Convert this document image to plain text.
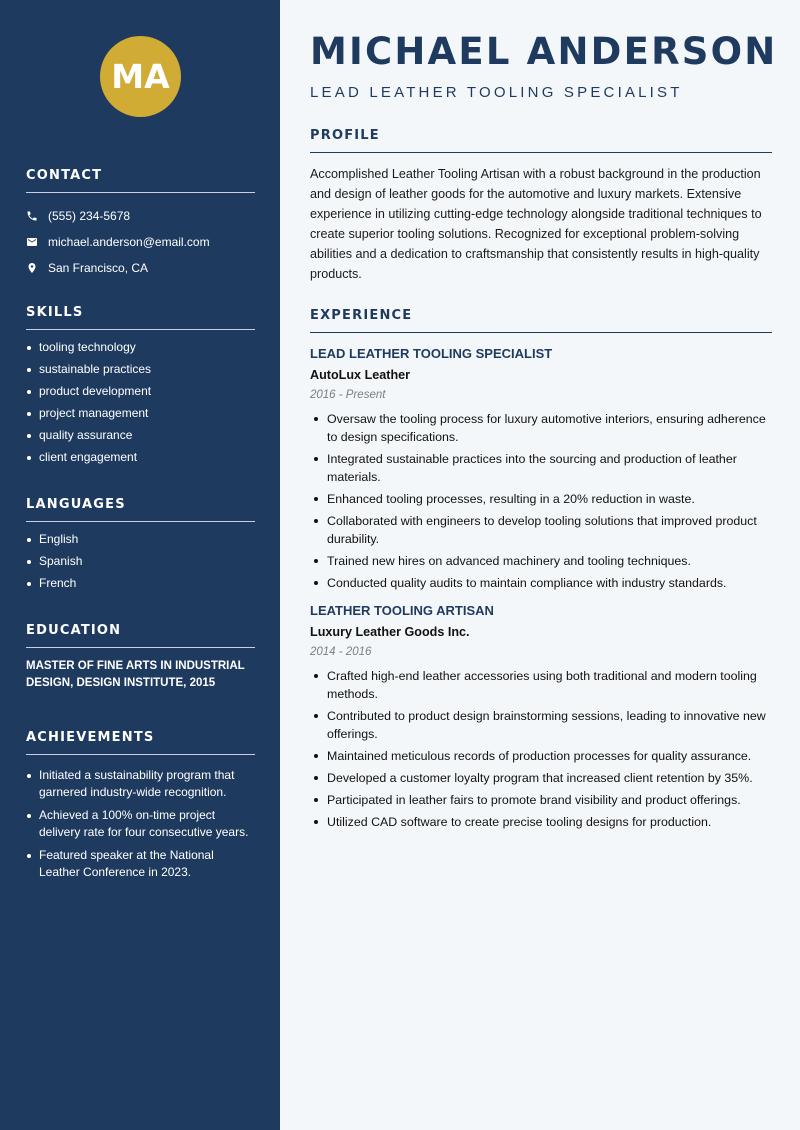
MA
CONTACT
(555) 234-5678
michael.anderson@email.com
San Francisco, CA
SKILLS
tooling technology
sustainable practices
product development
project management
quality assurance
client engagement
LANGUAGES
English
Spanish
French
EDUCATION
MASTER OF FINE ARTS IN INDUSTRIAL DESIGN, DESIGN INSTITUTE, 2015
ACHIEVEMENTS
Initiated a sustainability program that garnered industry-wide recognition.
Achieved a 100% on-time project delivery rate for four consecutive years.
Featured speaker at the National Leather Conference in 2023.
MICHAEL ANDERSON
LEAD LEATHER TOOLING SPECIALIST
PROFILE
Accomplished Leather Tooling Artisan with a robust background in the production and design of leather goods for the automotive and luxury markets. Extensive experience in utilizing cutting-edge technology alongside traditional techniques to create superior tooling solutions. Recognized for exceptional problem-solving abilities and a dedication to craftsmanship that consistently results in high-quality products.
EXPERIENCE
LEAD LEATHER TOOLING SPECIALIST
AutoLux Leather
2016 - Present
Oversaw the tooling process for luxury automotive interiors, ensuring adherence to design specifications.
Integrated sustainable practices into the sourcing and production of leather materials.
Enhanced tooling processes, resulting in a 20% reduction in waste.
Collaborated with engineers to develop tooling solutions that improved product durability.
Trained new hires on advanced machinery and tooling techniques.
Conducted quality audits to maintain compliance with industry standards.
LEATHER TOOLING ARTISAN
Luxury Leather Goods Inc.
2014 - 2016
Crafted high-end leather accessories using both traditional and modern tooling methods.
Contributed to product design brainstorming sessions, leading to innovative new offerings.
Maintained meticulous records of production processes for quality assurance.
Developed a customer loyalty program that increased client retention by 35%.
Participated in leather fairs to promote brand visibility and product offerings.
Utilized CAD software to create precise tooling designs for production.
